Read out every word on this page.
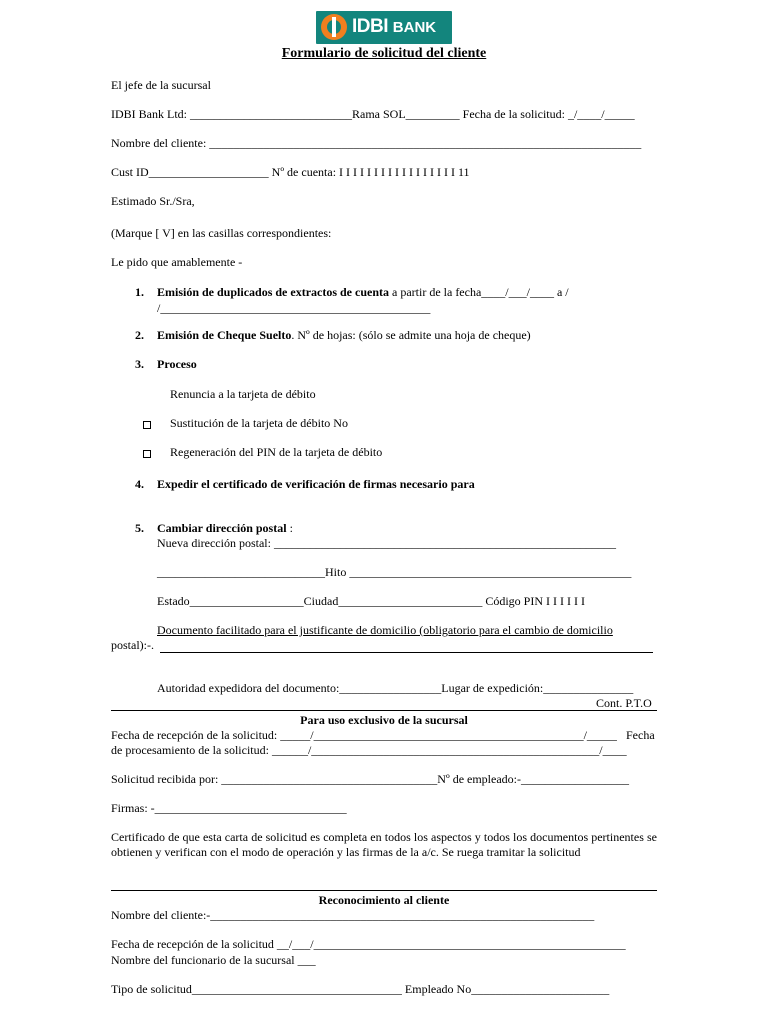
IDBI BANK
Formulario de solicitud del cliente
El jefe de la sucursal
IDBI Bank Ltd: ___________________________Rama SOL_________ Fecha de la solicitud: _/____/_____
Nombre del cliente: ________________________________________________________________________
Cust ID____________________ Nº de cuenta: I I I I I I I I I I I I I I I I I 11
Estimado Sr./Sra,
(Marque [ V] en las casillas correspondientes:
Le pido que amablemente -
1. Emisión de duplicados de extractos de cuenta a partir de la fecha____/___/____ a /
/_____________________________________________
2. Emisión de Cheque Suelto. Nº de hojas: (sólo se admite una hoja de cheque)
3. Proceso
Renuncia a la tarjeta de débito
Sustitución de la tarjeta de débito No
Regeneración del PIN de la tarjeta de débito
4. Expedir el certificado de verificación de firmas necesario para
5. Cambiar dirección postal :
Nueva dirección postal: _________________________________________________________
____________________________Hito _______________________________________________
Estado___________________Ciudad________________________ Código PIN I I I I I I
Documento facilitado para el justificante de domicilio (obligatorio para el cambio de domicilio
postal):-.
Autoridad expedidora del documento:_________________Lugar de expedición:_______________
Cont. P.T.O
Para uso exclusivo de la sucursal
Fecha de recepción de la solicitud: _____/_____________________________________________/_____ Fecha
de procesamiento de la solicitud: ______/________________________________________________/____
Solicitud recibida por: ____________________________________Nº de empleado:-__________________
Firmas: -________________________________
Certificado de que esta carta de solicitud es completa en todos los aspectos y todos los documentos pertinentes se obtienen y verifican con el modo de operación y las firmas de la a/c. Se ruega tramitar la solicitud
Reconocimiento al cliente
Nombre del cliente:-________________________________________________________________
Fecha de recepción de la solicitud __/___/____________________________________________________
Nombre del funcionario de la sucursal ___
Tipo de solicitud___________________________________ Empleado No_______________________
